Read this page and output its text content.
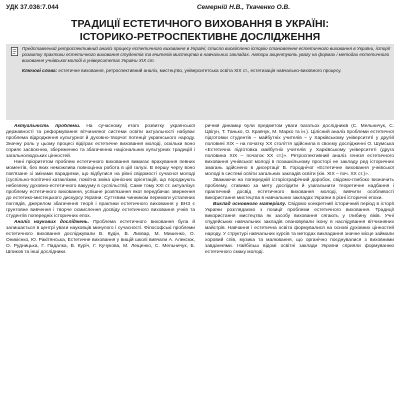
УДК 37.036:7.044	Семерній Н.В., Ткаченко О.В.
ТРАДИЦІЇ ЕСТЕТИЧНОГО ВИХОВАННЯ В УКРАЇНІ:
ІСТОРИКО-РЕТРОСПЕКТИВНЕ ДОСЛІДЖЕННЯ
Представлений ретроспективний аналіз процесу естетичного виховання в Україні; стисло висвітлено історію становлення естетичного виховання в України, історії розвитку практики естетичного виховання студентів та вчителів мистецтва в навчальних закладах. Автори акцентують увагу на формах і методах естетичного виховання учнівської молоді в університетах України XIX ст.
Ключові слова: естетичне виховання, ретроспективний аналіз, мистецтво, університетська освіта XIX ст., естетизація навчально-виховного процесу.

Актуальність проблеми. На сучасному етапі розвитку української державності та реформування вітчизняної системи освіти актуальності набуває проблема відродження культурної й духовно-творчої потенції українського народу. Значну роль у цьому процесі відіграє естетичне виховання молоді, оскільки воно сприяє засвоєнню, збереженню та збагаченню національних культурних традицій і загальнолюдських цінностей.

Нині пріоритетом проблем естетичного виховання вимагає врахування певних моментів, без яких неможлива повноцінна робота в цій галузі. В першу чергу воно пов'язане зі змінами парадигми, що відбулися на рівні свідомості сучасної молоді (суспільно-політичні катаклізми, помітна зміна ціннісних орієнтацій, що породжують небезпеку духовно-естетичного вакууму в суспільстві). Саме тому XXI ст. актуалізує проблему естетичного виховання, успішне розв'язання якої передбачає звернення до естетико-мистецького дискурсу України. Суттєвим чинником перемоги усталених поглядів, джерелом збагачення теорії і практики естетичного виховання у ВНЗ є грунтовне вивчення і творче осмислення досвіду естетичного виховання учнів та студентів попередніх історичних епох.

Аналіз наукових досліджень. Проблема естетичного виховання була й залишається в центрі уваги науковців минулого і сучасності. Філософські проблеми естетичного виховання досліджували В. Кудін, В. Лихвар, М. Мишенко, О. Оникієнко, Ю. Ракітянська, Естетичне виховання у вищій школі вивчали А. Алексюк, О. Рудницька, Г. Падалка, В. Куріч, Г. Кучукова, М. Лещенко, С. Мельничук, Б. Шпиков та інші дослідники.

ричній динаміці були предметом уваги багатьох дослідників (С. Мельничук, С. Цвігун, Т. Танько, О. Кравчук, М. Марко та ін.). Цілісний аналіз проблеми естетичної підготовки студентів – майбутніх учителів – у Харківському університеті у другій половині XIX – на початку XX століття здійснила в своєму дослідженні О. Шумська «Естетична підготовка майбутніх учителів у Харківському університеті (друга половина XIX – початок XX ст.)». Ретроспективний аналіз генезя естетичного виховання учнівської молоді в позашкільному просторі не закладу ред історичних змагань здійснено в дисертації В. Городнічої «Естетичне виховання учнівської молоді в системі освіти загальних закладів освіти (кін. XIX – поч. XX ст.)».

Зважаючи на попередній історіографічний доробок, свідомо-глибоко визначить проблему, ставимо за мету дослідити й узагальнити теоретичне надбання і практичний досвід естетичного виховання молоді, вивчити особливості використання мистецтва в навчальних закладах України в різні історичні епохи.

Виклад основного матеріалу. Свідомо конкретний історичний період в історії України розглядаємо з позиції проблеми естетичного виховання. Традиції використання мистецтва як засобу виховання сягають у глибину віків. Учні спудейських навчальних закладів опановували ікону в наслідування вітчизняних майстрів. Навчання і естетична освіта формувалися на основі духовних цінностей народу. У структурі навчальних курсів та методах викладання значне місце займали хоровий спів, музика та малювання, що органічно поєднувалися з виховними завданнями. Найбільш відомі освітні заклади України сприяли формуванню естетичного смаку молоді.
